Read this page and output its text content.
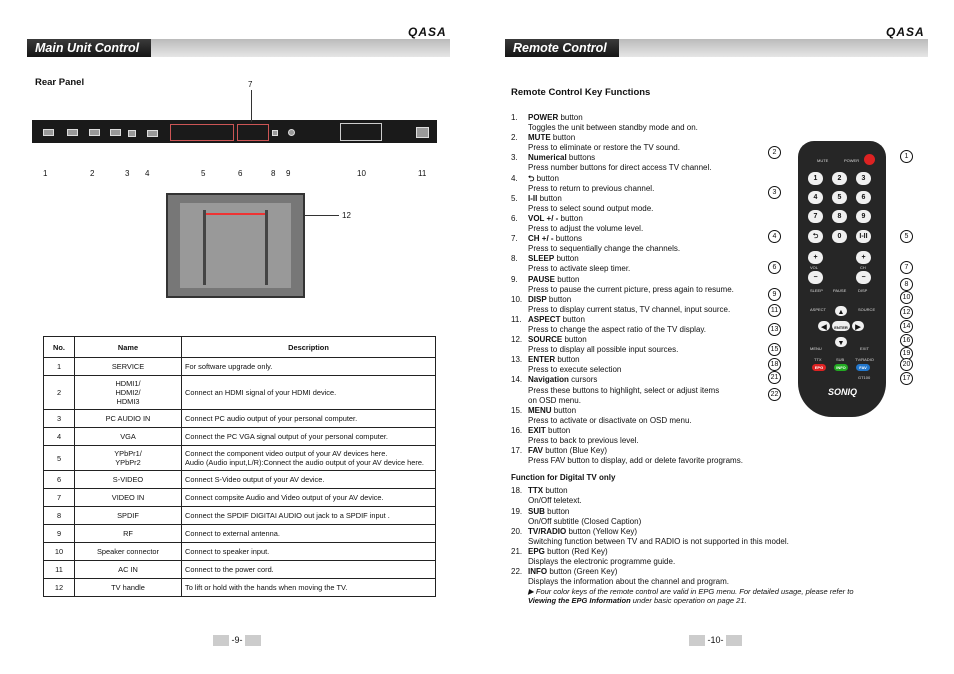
QASA
Main Unit Control
Rear Panel	7
1	2	3 4	5	6	8 9	10	11
12
No.	Name	Description
1	SERVICE	For software upgrade only.
2	HDMI1/
HDMI2/
HDMI3	Connect an HDMI signal of your HDMI device.
3	PC AUDIO IN	Connect PC audio output of your personal computer.
4	VGA	Connect the PC VGA signal output of your personal computer.
5	YPbPr1/
YPbPr2	Connect the component video output of your AV devices here.
Audio (Audio input,L/R):Connect the audio output of your AV device here.
6	S-VIDEO	Connect S-Video output of your AV device.
7	VIDEO IN	Connect compsite Audio and Video output of your AV device.
8	SPDIF	Connect the SPDIF DIGITAI AUDIO out jack to a SPDIF input .
9	RF	Connect to external antenna.
10	Speaker connector	Connect to speaker input.
11	AC IN	Connect to the power cord.
12	TV handle	To lift or hold with the hands when moving the TV.
-9-
QASA
Remote Control
Remote Control Key Functions
1.	POWER button
Toggles the unit between standby mode and on.
2.	MUTE button
Press to eliminate or restore the TV sound.
3.	Numerical buttons
Press number buttons for direct access TV channel.
4.	⮌ button
Press to return to previous channel.
5.	I-II button
Press to select sound output mode.
6.	VOL +/ - button
Press to adjust the volume level.
7.	CH +/ - buttons
Press to sequentially change the channels.
8.	SLEEP button
Press to activate sleep timer.
9.	PAUSE button
Press to pause the current picture, press again to resume.
10. DISP button
Press to display current status, TV channel, input source.
11. ASPECT button
Press to change the aspect ratio of the TV display.
12. SOURCE button
Press to display all possible input sources.
13. ENTER button
Press to execute selection
14. Navigation cursors
Press these buttons to highlight, select or adjust items
on OSD menu.
15. MENU button
Press to activate or disactivate on OSD menu.
16. EXIT button
Press to back to previous level.
17. FAV button (Blue Key)
Press FAV button to display, add or delete favorite programs.
Function for Digital TV only
18. TTX button
On/Off teletext.
19. SUB button
On/Off subtitle (Closed Caption)
20. TV/RADIO button (Yellow Key)
Switching function between TV and RADIO is not supported in this model.
21. EPG button (Red Key)
Displays the electronic programme guide.
22. INFO button (Green Key)
Displays the information about the channel and program.
▶ Four color keys of the remote control are valid in EPG menu. For detailed usage, please refer to
Viewing the EPG Information under basic operation on page 21.
MUTE	POWER
1	2	3
4	5	6
7	8	9
⮌	0	I-II
+
VOL
−
+
CH
−
SLEEP	PAUSE	DISP
ASPECT	SOURCE
▲
◀	ENTER	▶
▼
MENU	EXIT
TTX	SUB	TV/RADIO
EPG	INFO	FAV
GT100
SONIQ
1
2
3
4	5
6	7
8
9	10
11	12
13	14
15
16
17
18
19
20
21
22
-10-
